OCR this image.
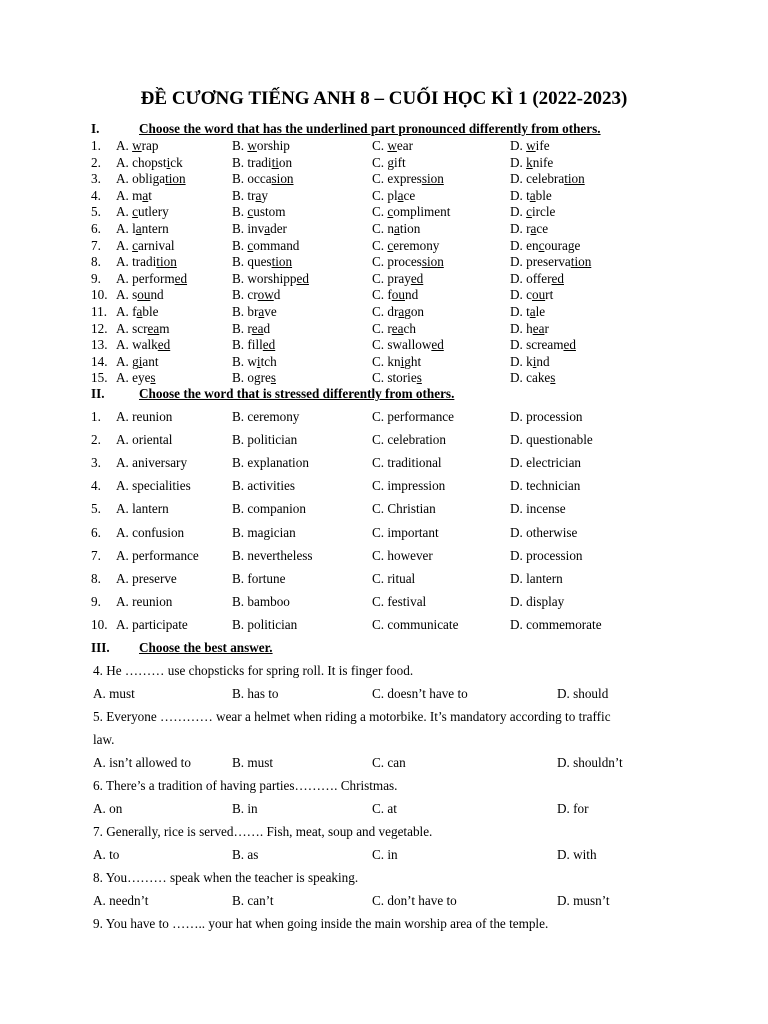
ĐỀ CƯƠNG TIẾNG ANH 8 – CUỐI HỌC KÌ 1 (2022-2023)
I.	Choose the word that has the underlined part pronounced differently from others.
1. A. wrap	B. worship	C. wear	D. wife
2. A. chopstick	B. tradition	C. gift	D. knife
3. A. obligation	B. occasion	C. expression	D. celebration
4. A. mat	B. tray	C. place	D. table
5. A. cutlery	B. custom	C. compliment	D. circle
6. A. lantern	B. invader	C. nation	D. race
7. A. carnival	B. command	C. ceremony	D. encourage
8. A. tradition	B. question	C. procession	D. preservation
9. A. performed	B. worshipped	C. prayed	D. offered
10. A. sound	B. crowd	C. found	D. court
11. A. fable	B. brave	C. dragon	D. tale
12. A. scream	B. read	C. reach	D. hear
13. A. walked	B. filled	C. swallowed	D. screamed
14. A. giant	B. witch	C. knight	D. kind
15. A. eyes	B. ogres	C. stories	D. cakes
II.	Choose the word that is stressed differently from others.
1. A. reunion	B. ceremony	C. performance	D. procession
2. A. oriental	B. politician	C. celebration	D. questionable
3. A. aniversary	B. explanation	C. traditional	D. electrician
4. A. specialities	B. activities	C. impression	D. technician
5. A. lantern	B. companion	C. Christian	D. incense
6. A. confusion	B. magician	C. important	D. otherwise
7. A. performance	B. nevertheless	C. however	D. procession
8. A. preserve	B. fortune	C. ritual	D. lantern
9. A. reunion	B. bamboo	C. festival	D. display
10. A. participate	B. politician	C. communicate	D. commemorate
III. Choose the best answer.
4. He ……… use chopsticks for spring roll. It is finger food.
A. must	B. has to	C. doesn’t have to	D. should
5. Everyone ………… wear a helmet when riding a motorbike. It’s mandatory according to traffic
law.
A. isn’t allowed to	B. must	C. can	D. shouldn’t
6. There’s a tradition of having parties………. Christmas.
A. on	B. in	C. at	D. for
7. Generally, rice is served……. Fish, meat, soup and vegetable.
A. to	B. as	C. in	D. with
8. You……… speak when the teacher is speaking.
A. needn’t	B. can’t	C. don’t have to	D. musn’t
9. You have to …….. your hat when going inside the main worship area of the temple.
